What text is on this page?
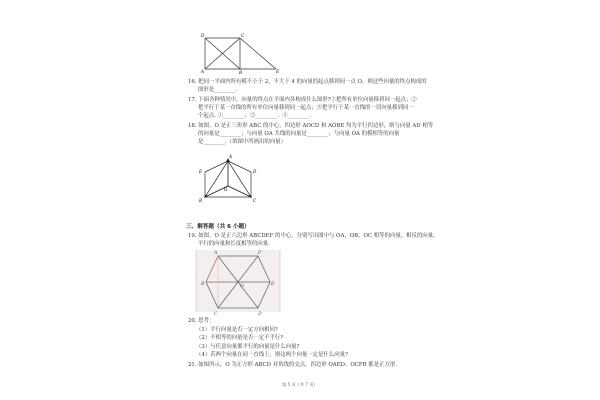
D	C
A	B	E
16. 把同一平面内所有模不小于 2，不大于 4 的向量的起点移到同一点 O，则这些向量的终点构成的
图形是________.
17. 下面各种情况中，向量的终点在平面内各构成什么图形?①把所有单位向量移到同一起点；②
把平行于某一直线的所有单位向量移到同一起点；③把平行于某一直线的一切向量移到同一
个起点. ①________；②________；③________.
18. 如图，O 是正三角形 ABC 的中心，四边形 AOCD 和 AOBE 均为平行四边形，则与向量 AD 相等
的向量是________；与向量 OA 共线的向量是________；与向量 OA 的模相等的向量
是________.（填图中所画出的向量）
A
B	C
D
E
O
三、解答题（共 6 小题）
19. 如图，O 是正六边形 ABCDEF 的中心，分别写出图中与 OA，OB，OC 相等的向量、相反的向量、
平行的向量和长度相等的向量.
A
B
C	D
E
F
O
20. 思考：
（1）平行向量是否一定方向相同?
（2）不相等的向量是否一定不平行?
（3）与任意向量都平行的向量是什么向量?
（4）若两个向量在同一直线上，则这两个向量一定是什么向量?
21. 如图所示，O 为正方形 ABCD 对角线的交点，四边形 OAED、OCFB 都是正方形.
第 5 页（共 7 页）
